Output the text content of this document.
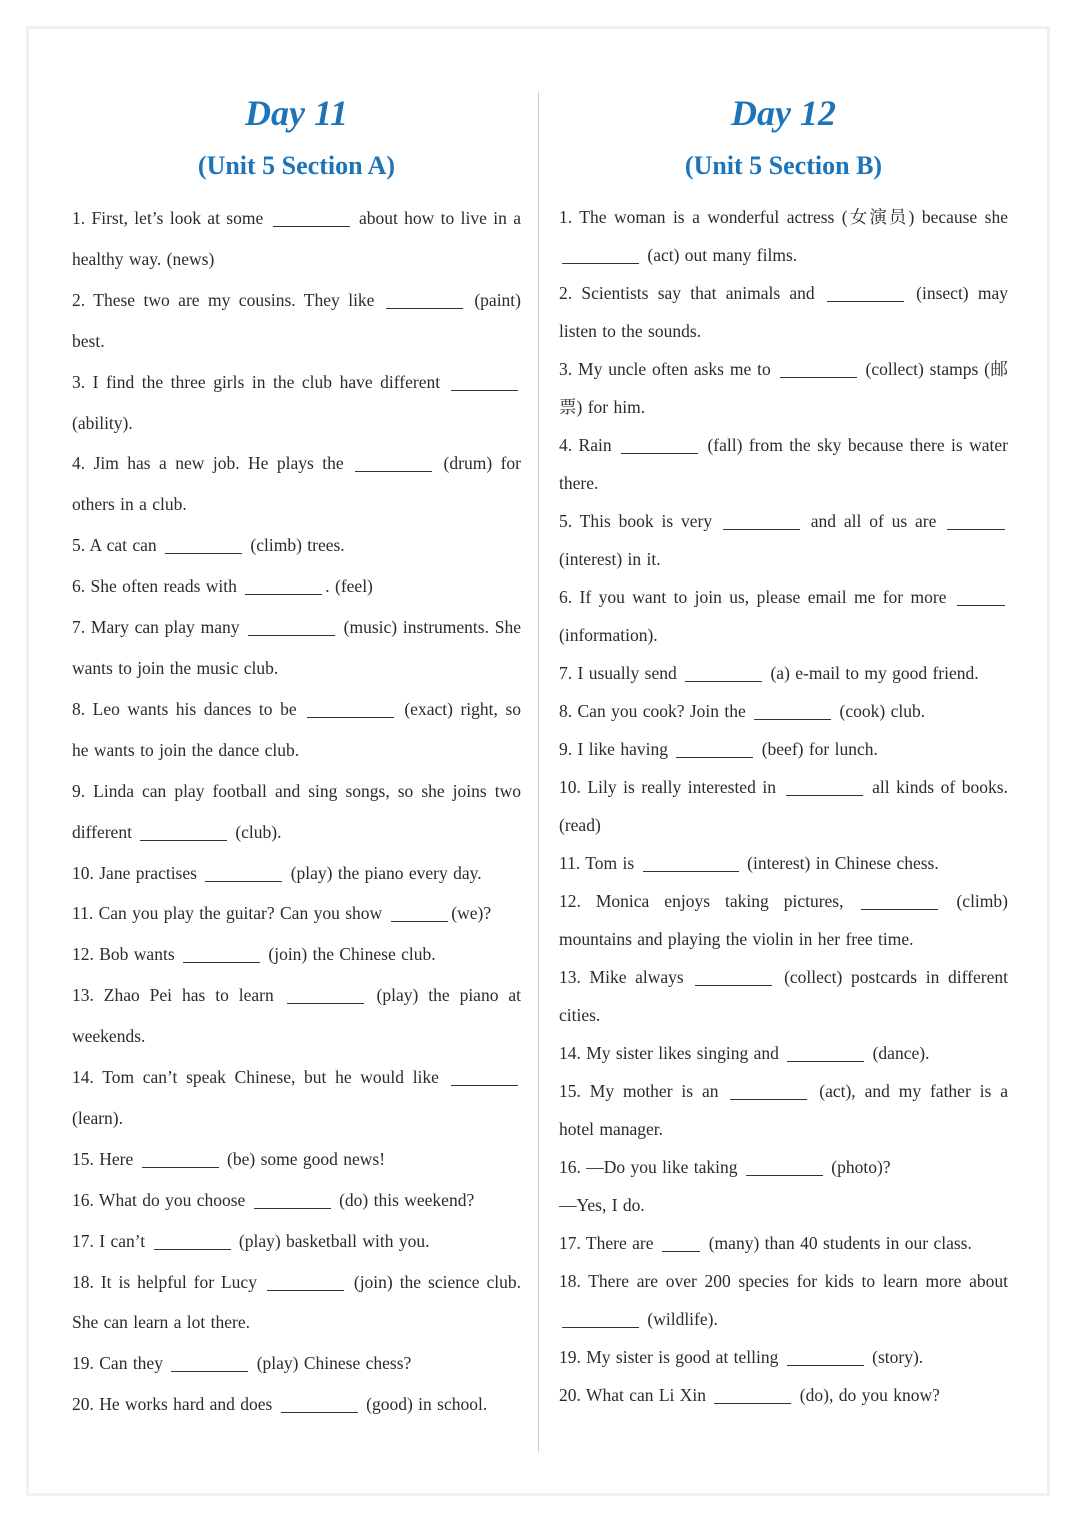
Day 11
(Unit 5 Section A)
1. First, let’s look at some	about how to live in a healthy way. (news)
2. These two are my cousins. They like	(paint) best.
3. I find the three girls in the club have different  (ability).
4. Jim has a new job. He plays the	(drum) for others in a club.
5. A cat can	(climb) trees.
6. She often reads with	. (feel)
7. Mary can play many	(music) instruments. She wants to join the music club.
8. Leo wants his dances to be	(exact) right, so he wants to join the dance club.
9. Linda can play football and sing songs, so she joins two different	(club).
10. Jane practises	(play) the piano every day.
11. Can you play the guitar? Can you show	(we)?
12. Bob wants	(join) the Chinese club.
13. Zhao Pei has to learn	(play) the piano at weekends.
14. Tom can’t speak Chinese, but he would like  (learn).
15. Here	(be) some good news!
16. What do you choose	(do) this weekend?
17. I can’t	(play) basketball with you.
18. It is helpful for Lucy	(join) the science club. She can learn a lot there.
19. Can they	(play) Chinese chess?
20. He works hard and does	(good) in school.
Day 12
(Unit 5 Section B)
1. The woman is a wonderful actress (女演员) because she  (act) out many films.
2. Scientists say that animals and	(insect) may listen to the sounds.
3. My uncle often asks me to	(collect) stamps (邮票) for him.
4. Rain	(fall) from the sky because there is water there.
5. This book is very	and all of us are  (interest) in it.
6. If you want to join us, please email me for more  (information).
7. I usually send	(a) e-mail to my good friend.
8. Can you cook? Join the	(cook) club.
9. I like having	(beef) for lunch.
10. Lily is really interested in	all kinds of books. (read)
11. Tom is	(interest) in Chinese chess.
12. Monica enjoys taking pictures,	(climb) mountains and playing the violin in her free time.
13. Mike always	(collect) postcards in different cities.
14. My sister likes singing and	(dance).
15. My mother is an	(act), and my father is a hotel manager.
16. —Do you like taking	(photo)?
—Yes, I do.
17. There are	(many) than 40 students in our class.
18. There are over 200 species for kids to learn more about  (wildlife).
19. My sister is good at telling	(story).
20. What can Li Xin	(do), do you know?
